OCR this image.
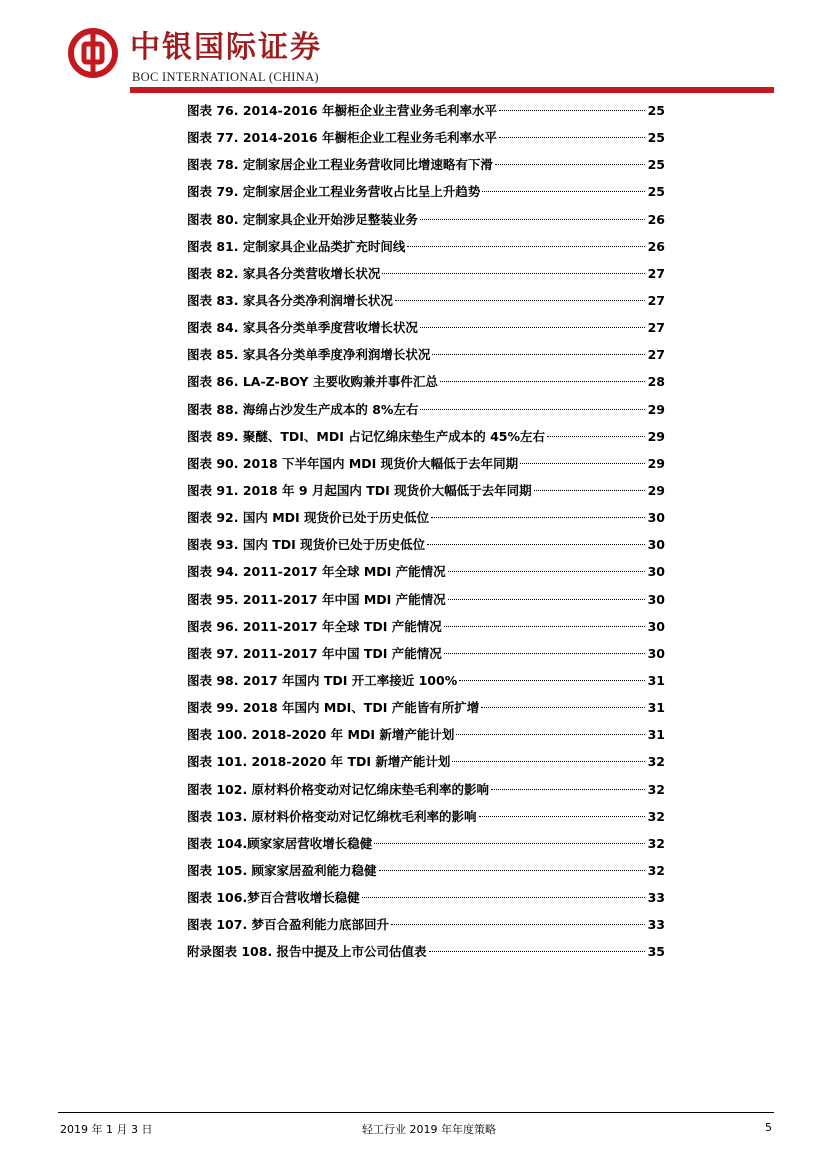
中银国际证券
BOC INTERNATIONAL (CHINA)
图表 76. 2014-2016 年橱柜企业主营业务毛利率水平	25
图表 77. 2014-2016 年橱柜企业工程业务毛利率水平	25
图表 78. 定制家居企业工程业务营收同比增速略有下滑	25
图表 79. 定制家居企业工程业务营收占比呈上升趋势	25
图表 80. 定制家具企业开始涉足整装业务	26
图表 81. 定制家具企业品类扩充时间线	26
图表 82. 家具各分类营收增长状况	27
图表 83. 家具各分类净利润增长状况	27
图表 84. 家具各分类单季度营收增长状况	27
图表 85. 家具各分类单季度净利润增长状况	27
图表 86. LA-Z-BOY 主要收购兼并事件汇总	28
图表 88. 海绵占沙发生产成本的 8%左右	29
图表 89. 聚醚、TDI、MDI 占记忆绵床垫生产成本的 45%左右	29
图表 90. 2018 下半年国内 MDI 现货价大幅低于去年同期	29
图表 91. 2018 年 9 月起国内 TDI 现货价大幅低于去年同期	29
图表 92. 国内 MDI 现货价已处于历史低位	30
图表 93. 国内 TDI 现货价已处于历史低位	30
图表 94. 2011-2017 年全球 MDI 产能情况	30
图表 95. 2011-2017 年中国 MDI 产能情况	30
图表 96. 2011-2017 年全球 TDI 产能情况	30
图表 97. 2011-2017 年中国 TDI 产能情况	30
图表 98. 2017 年国内 TDI 开工率接近 100%	31
图表 99. 2018 年国内 MDI、TDI 产能皆有所扩增	31
图表 100. 2018-2020 年 MDI 新增产能计划	31
图表 101. 2018-2020 年 TDI 新增产能计划	32
图表 102. 原材料价格变动对记忆绵床垫毛利率的影响	32
图表 103. 原材料价格变动对记忆绵枕毛利率的影响	32
图表 104.顾家家居营收增长稳健	32
图表 105. 顾家家居盈利能力稳健	32
图表 106.梦百合营收增长稳健	33
图表 107. 梦百合盈利能力底部回升	33
附录图表 108. 报告中提及上市公司估值表	35
2019 年 1 月 3 日	轻工行业 2019 年年度策略	5
